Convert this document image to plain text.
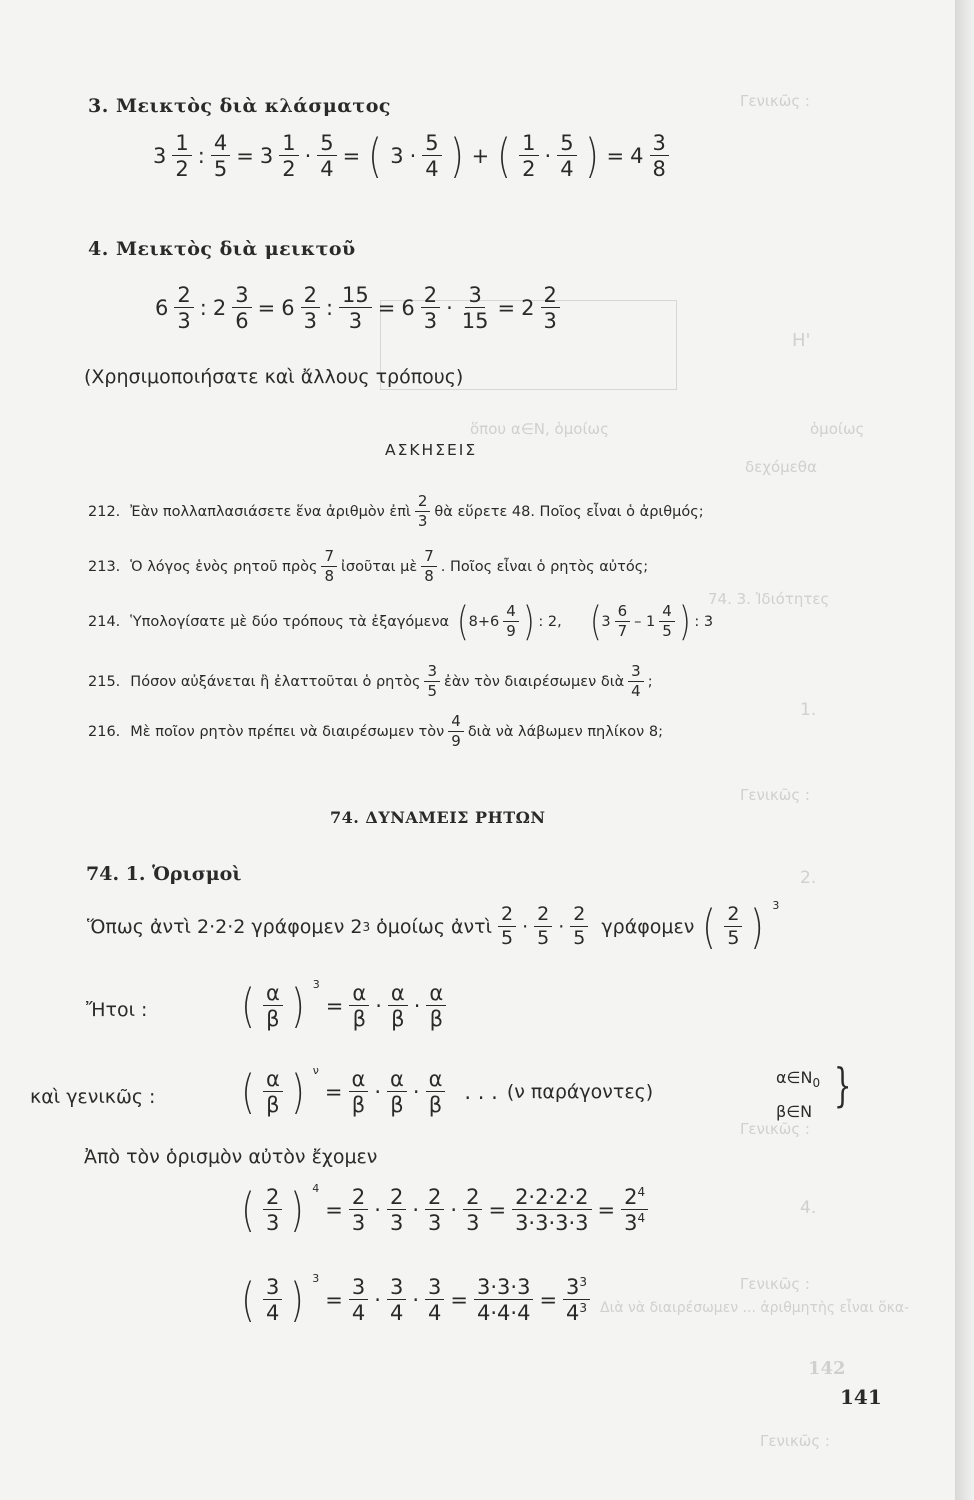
Γενικῶς :
H'
ὅπου α∈N, ὁμοίως
δεχόμεθα
74. 3. Ἰδιότητες
Γενικῶς :
Γενικῶς :
Γενικῶς :
2.
4.
1.
Διὰ νὰ διαιρέσωμεν ... ἀριθμητὴς εἶναι ὅκα-
142
3. Μεικτὸς διὰ κλάσματος
$3 \frac{1}{2}$ : $\frac{4}{5} = 3 \frac{1}{2} \cdot \frac{5}{4}$ = ( $3 \cdot \frac{5}{4}$ ) + ( $\frac{1}{2} \cdot \frac{5}{4}$ ) = $4 \frac{3}{8}$
4. Μεικτὸς διὰ μεικτοῦ
$6 \frac{2}{3}$ : $2 \frac{3}{6} = 6 \frac{2}{3}$ : $\frac{15}{3} = 6 \frac{2}{3} \cdot \frac{3}{15} = 2 \frac{2}{3}$
(Χρησιμοποιήσατε καὶ ἄλλους τρόπους)
ὁμοίως
ΑΣΚΗΣΕΙΣ
212. Ἐὰν πολλαπλασιάσετε ἕνα ἀριθμὸν ἐπὶ $\frac{2}{3}$ θὰ εὕρετε 48. Ποῖος εἶναι ὁ ἀριθμός;
213. Ὁ λόγος ἑνὸς ρητοῦ πρὸς $\frac{7}{8}$ ἰσοῦται μὲ $\frac{7}{8}$ . Ποῖος εἶναι ὁ ρητὸς αὐτός;
214. Ὑπολογίσατε μὲ δύο τρόπους τὰ ἐξαγόμενα ( $8+6 \frac{4}{9}$ ) : 2, ( $3 \frac{6}{7} - 1 \frac{4}{5}$ ) : 3
215. Πόσον αὐξάνεται ἢ ἐλαττοῦται ὁ ρητὸς $\frac{3}{5}$ ἐὰν τὸν διαιρέσωμεν διὰ $\frac{3}{4}$ ;
216. Μὲ ποῖον ρητὸν πρέπει νὰ διαιρέσωμεν τὸν $\frac{4}{9}$ διὰ νὰ λάβωμεν πηλίκον 8;
74. ΔΥΝΑΜΕΙΣ ΡΗΤΩΝ
74. 1. Ὁρισμοὶ
Ὅπως ἀντὶ 2·2·2 γράφομεν 2 3 ὁμοίως ἀντὶ $\frac{2}{5} \cdot \frac{2}{5} \cdot \frac{2}{5}$ γράφομεν ( $\frac{2}{5}$ ) 3
Ἤτοι : ( $\frac{\alpha}{\beta}$ ) 3
= $\frac{\alpha}{\beta} \cdot \frac{\alpha}{\beta} \cdot \frac{\alpha}{\beta}$
καὶ γενικῶς : ( $\frac{\alpha}{\beta}$ ) ν
= $\frac{\alpha}{\beta} \cdot \frac{\alpha}{\beta} \cdot \frac{\alpha}{\beta}$ . . . (ν παράγοντες)
$\alpha\in N_0$
β∈N }
Ἀπὸ τὸν ὁρισμὸν αὐτὸν ἔχομεν
( $\frac{2}{3}$ ) 4
= $\frac{2}{3} \cdot \frac{2}{3} \cdot \frac{2}{3} \cdot \frac{2}{3} = \frac{2\cdot 2\cdot 2\cdot 2}{3\cdot 3\cdot 3\cdot 3} = \frac{2^4}{3^4}$
( $\frac{3}{4}$ ) 3
= $\frac{3}{4} \cdot \frac{3}{4} \cdot \frac{3}{4} = \frac{3\cdot 3\cdot 3}{4\cdot 4\cdot 4} = \frac{3^3}{4^3}$
141
Γενικῶς :
